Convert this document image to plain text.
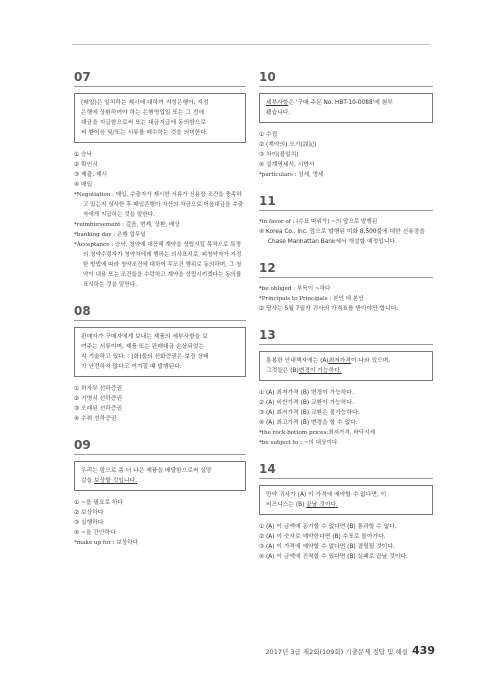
07

(매입)은 일치하는 제시에 대하여 지정은행이, 지정
은행에 상환하여야 하는 은행영업일 또는 그 전에
대금을 지급함으로써 또는 대금지급에 동의함으로
써 환어음 및/또는 서류를 매수하는 것을 의미한다.

① 승낙

② 확인서

③ 제출, 제시

④ 매입

*Negotiation : 매입. 수출자가 제시한 서류가 신용장 조건을 충족하고 있는지 심사한 후 매입은행이 자신의 자금으로 어음대금을 수출자에게 지급하는 것을 말한다.

*reimbursement : 갚음, 변제, 상환, 배상

*banking day : 은행 업무일

*Acceptance : 승낙. 청약에 대응해 계약을 성립시킬 목적으로 특정의 청약수령자가 청약자에게 행하는 의사표시로, 피청약자가 지정한 방법에 따라 청약조건에 대하여 무조건 행위로 동의하며, 그 청약이 내용 또는 조건들을 수락하고 계약을 성립시키겠다는 동의를 표시하는 것을 말한다.

08

판매자가 구매자에게 보내는 제품의 세부사항을 보
여주는 서류이며, 제품 또는 판매대금 손상되었는
지 기술하고 있다. : (화)물의 선화증권은 보장 상태
가 안전하지 않다고 여겨질 때 발행된다.

① 하자부 선하증권

② 기명식 선하증권

③ 오래된 선하증권

④ 수취 선하증권

09

우리는 앞으로 좀 더 나은 제품을 배달함으로써 실망
감을 보상할 것입니다.

① ~을 필요로 하다

② 보상하다

③ 실행하다

④ ~을 간안하다

*make up for : 보상하다

10

세부사항은 '구매 주문 No. HBT-10-0088'에 첨부
됐습니다.

① 수집

② (계약의) 오기(誤記)

③ 차이(불일치)

④ 설계명세서, 시방서

*particulars : 상세, 명세

11

*in favor of : (수표 따위가) ~의 앞으로 발행된

④ Korea Co., Inc. 앞으로 발행된 미화 8,500불에 대한 신용장을 Chase Manhattan Bank에서 개설할 예정입니다.

12

*be obliged : 부득이 ~하다

*Principals to Principals : 본인 대 본인

② 당사는 5월 7일자 귀사의 가격표를 받아야만 합니다.

13

통봉한 안내책자에는 (A)최저가격이 나와 있으며,
그것들은 (B)변경이 가능하다.

① (A) 최저가격 (B) 변경이 가능하다.

② (A) 비싼가격 (B) 교환이 가능하다.

③ (A) 최저가격 (B) 교환은 불가능하다.

④ (A) 최고가격 (B) 변경을 할 수 없다.

*the rock-bottom prices:최저가격, 바닥시세

*be subject to : ~의 대상이다.

14

만약 귀사가 (A) 이 가격에 예약할 수 없다면, 이
비즈니스는 (B) 끝날 것이다.

① (A) 이 금액에 동기할 수 없다면 (B) 통과할 수 없다.

② (A) 이 숫자로 예약한다면 (B) 수포로 돌아가다.

③ (A) 이 가격에 예약할 수 없다면 (B) 결렬될 것이다.

④ (A) 이 금액에 진척할 수 있다면 (B) 실패로 끝날 것이다.

2017년 3급 제2회(109회) 기출문제 정답 및 해설 439
